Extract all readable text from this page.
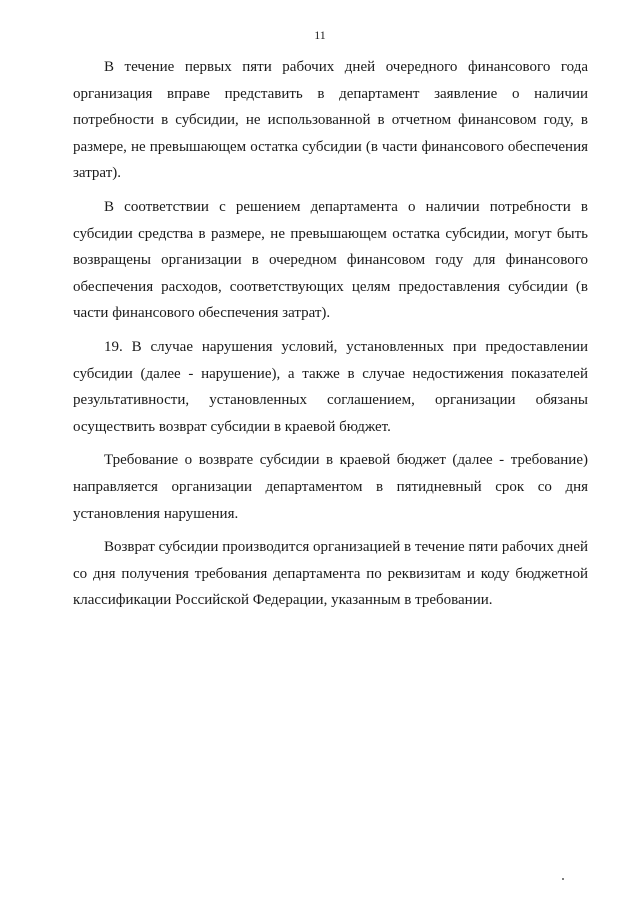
11

В течение первых пяти рабочих дней очередного финансового года организация вправе представить в департамент заявление о наличии потребности в субсидии, не использованной в отчетном финансовом году, в размере, не превышающем остатка субсидии (в части финансового обеспечения затрат).

В соответствии с решением департамента о наличии потребности в субсидии средства в размере, не превышающем остатка субсидии, могут быть возвращены организации в очередном финансовом году для финансового обеспечения расходов, соответствующих целям предоставления субсидии (в части финансового обеспечения затрат).

19. В случае нарушения условий, установленных при предоставлении субсидии (далее - нарушение), а также в случае недостижения показателей результативности, установленных соглашением, организации обязаны осуществить возврат субсидии в краевой бюджет.

Требование о возврате субсидии в краевой бюджет (далее - требование) направляется организации департаментом в пятидневный срок со дня установления нарушения.

Возврат субсидии производится организацией в течение пяти рабочих дней со дня получения требования департамента по реквизитам и коду бюджетной классификации Российской Федерации, указанным в требовании.
